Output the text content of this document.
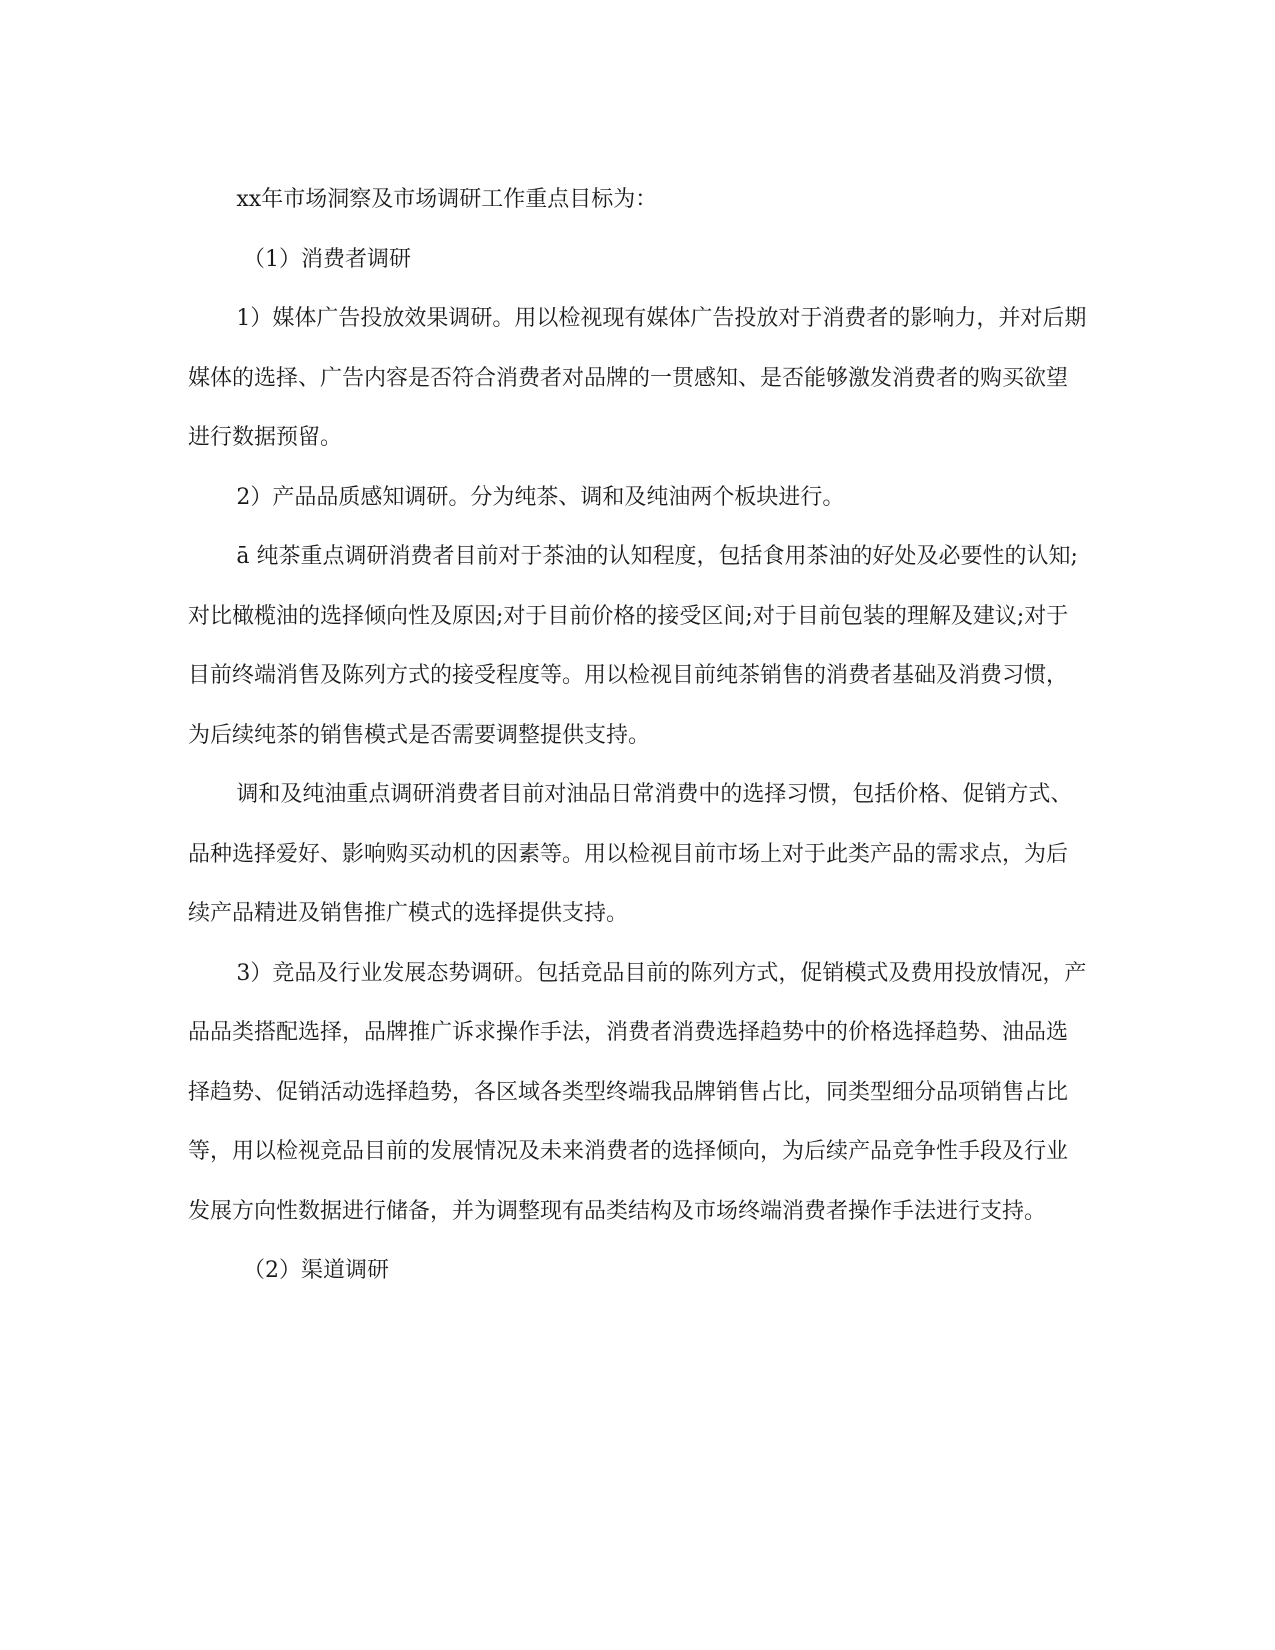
xx年市场洞察及市场调研工作重点目标为：

（1）消费者调研

1）媒体广告投放效果调研。用以检视现有媒体广告投放对于消费者的影响力，并对后期媒体的选择、广告内容是否符合消费者对品牌的一贯感知、是否能够激发消费者的购买欲望进行数据预留。

2）产品品质感知调研。分为纯茶、调和及纯油两个板块进行。

ā 纯茶重点调研消费者目前对于茶油的认知程度，包括食用茶油的好处及必要性的认知;对比橄榄油的选择倾向性及原因;对于目前价格的接受区间;对于目前包装的理解及建议;对于目前终端消售及陈列方式的接受程度等。用以检视目前纯茶销售的消费者基础及消费习惯，为后续纯茶的销售模式是否需要调整提供支持。

调和及纯油重点调研消费者目前对油品日常消费中的选择习惯，包括价格、促销方式、品种选择爱好、影响购买动机的因素等。用以检视目前市场上对于此类产品的需求点，为后续产品精进及销售推广模式的选择提供支持。

3）竞品及行业发展态势调研。包括竞品目前的陈列方式，促销模式及费用投放情况，产品品类搭配选择，品牌推广诉求操作手法，消费者消费选择趋势中的价格选择趋势、油品选择趋势、促销活动选择趋势，各区域各类型终端我品牌销售占比，同类型细分品项销售占比等，用以检视竞品目前的发展情况及未来消费者的选择倾向，为后续产品竞争性手段及行业发展方向性数据进行储备，并为调整现有品类结构及市场终端消费者操作手法进行支持。

（2）渠道调研
